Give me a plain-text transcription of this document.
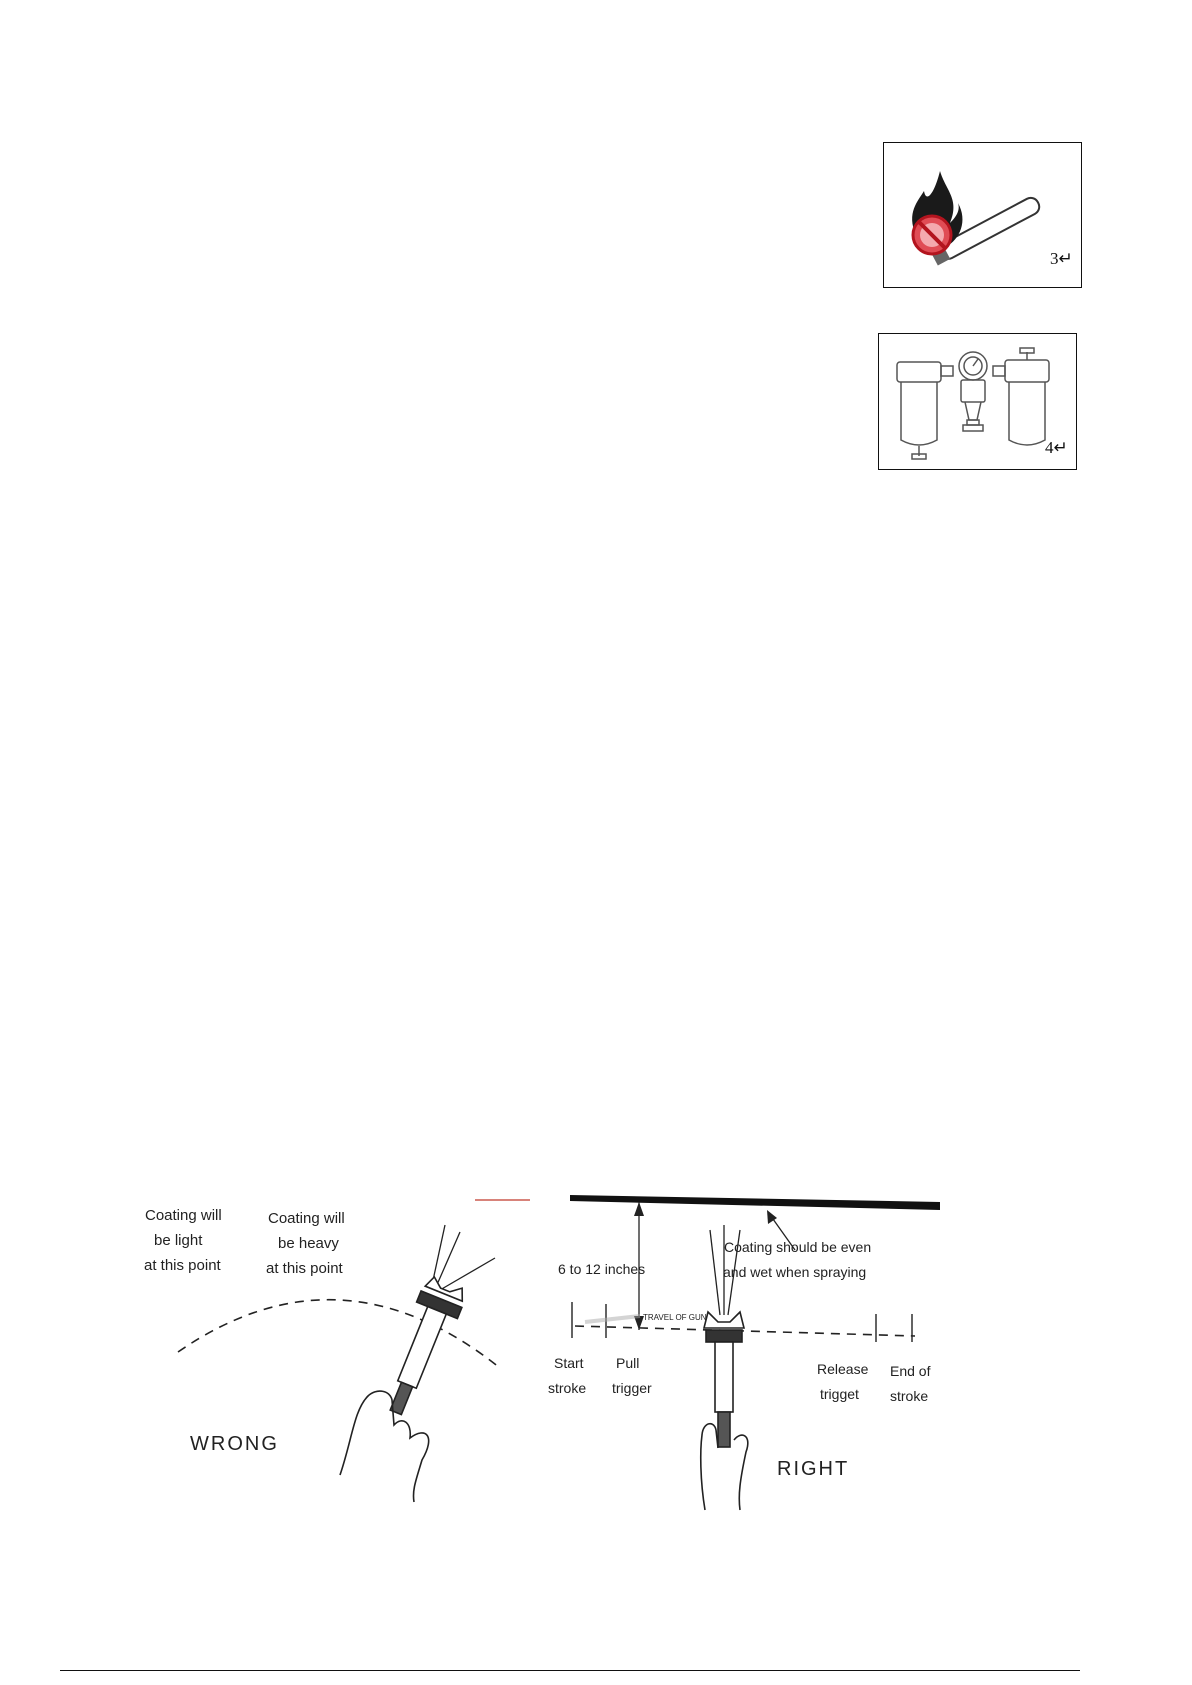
3↵
4↵
Coating will
be light
at this point
Coating will
be heavy
at this point
WRONG
6 to 12 inches
TRAVEL OF GUN
Coating should be even
and wet when spraying
Start
stroke
Pull
trigger
Release
trigget
End of
stroke
RIGHT
